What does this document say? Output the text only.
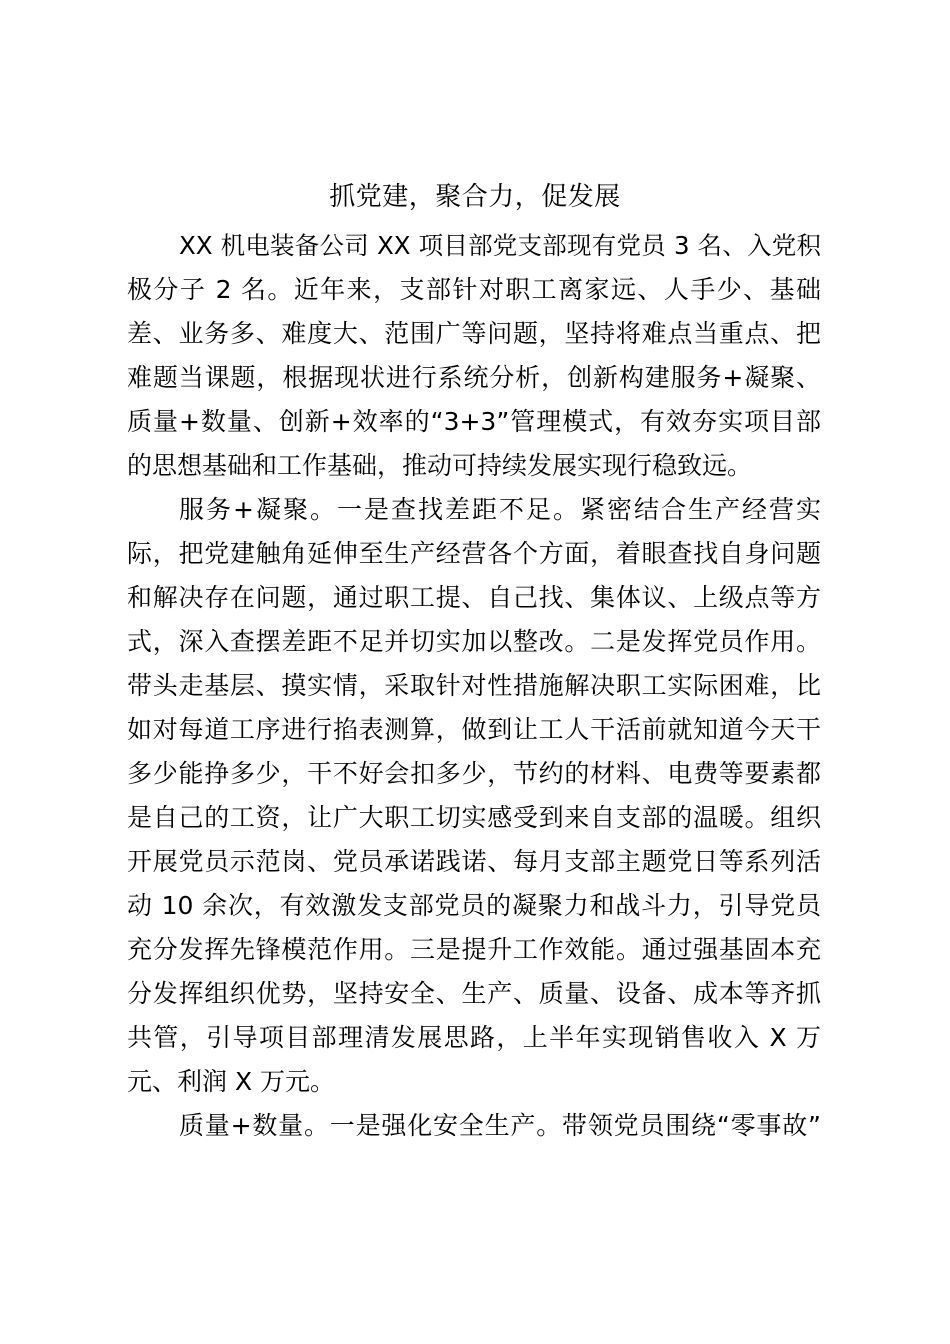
抓党建，聚合力，促发展

XX 机电装备公司 XX 项目部党支部现有党员 3 名、入党积
极分子 2 名。近年来，支部针对职工离家远、人手少、基础
差、业务多、难度大、范围广等问题，坚持将难点当重点、把
难题当课题，根据现状进行系统分析，创新构建服务+凝聚、
质量+数量、创新+效率的“3+3”管理模式，有效夯实项目部
的思想基础和工作基础，推动可持续发展实现行稳致远。

服务+凝聚。一是查找差距不足。紧密结合生产经营实
际，把党建触角延伸至生产经营各个方面，着眼查找自身问题
和解决存在问题，通过职工提、自己找、集体议、上级点等方
式，深入查摆差距不足并切实加以整改。二是发挥党员作用。
带头走基层、摸实情，采取针对性措施解决职工实际困难，比
如对每道工序进行掐表测算，做到让工人干活前就知道今天干
多少能挣多少，干不好会扣多少，节约的材料、电费等要素都
是自己的工资，让广大职工切实感受到来自支部的温暖。组织
开展党员示范岗、党员承诺践诺、每月支部主题党日等系列活
动 10 余次，有效激发支部党员的凝聚力和战斗力，引导党员
充分发挥先锋模范作用。三是提升工作效能。通过强基固本充
分发挥组织优势，坚持安全、生产、质量、设备、成本等齐抓
共管，引导项目部理清发展思路，上半年实现销售收入 X 万
元、利润 X 万元。

质量+数量。一是强化安全生产。带领党员围绕“零事故”
